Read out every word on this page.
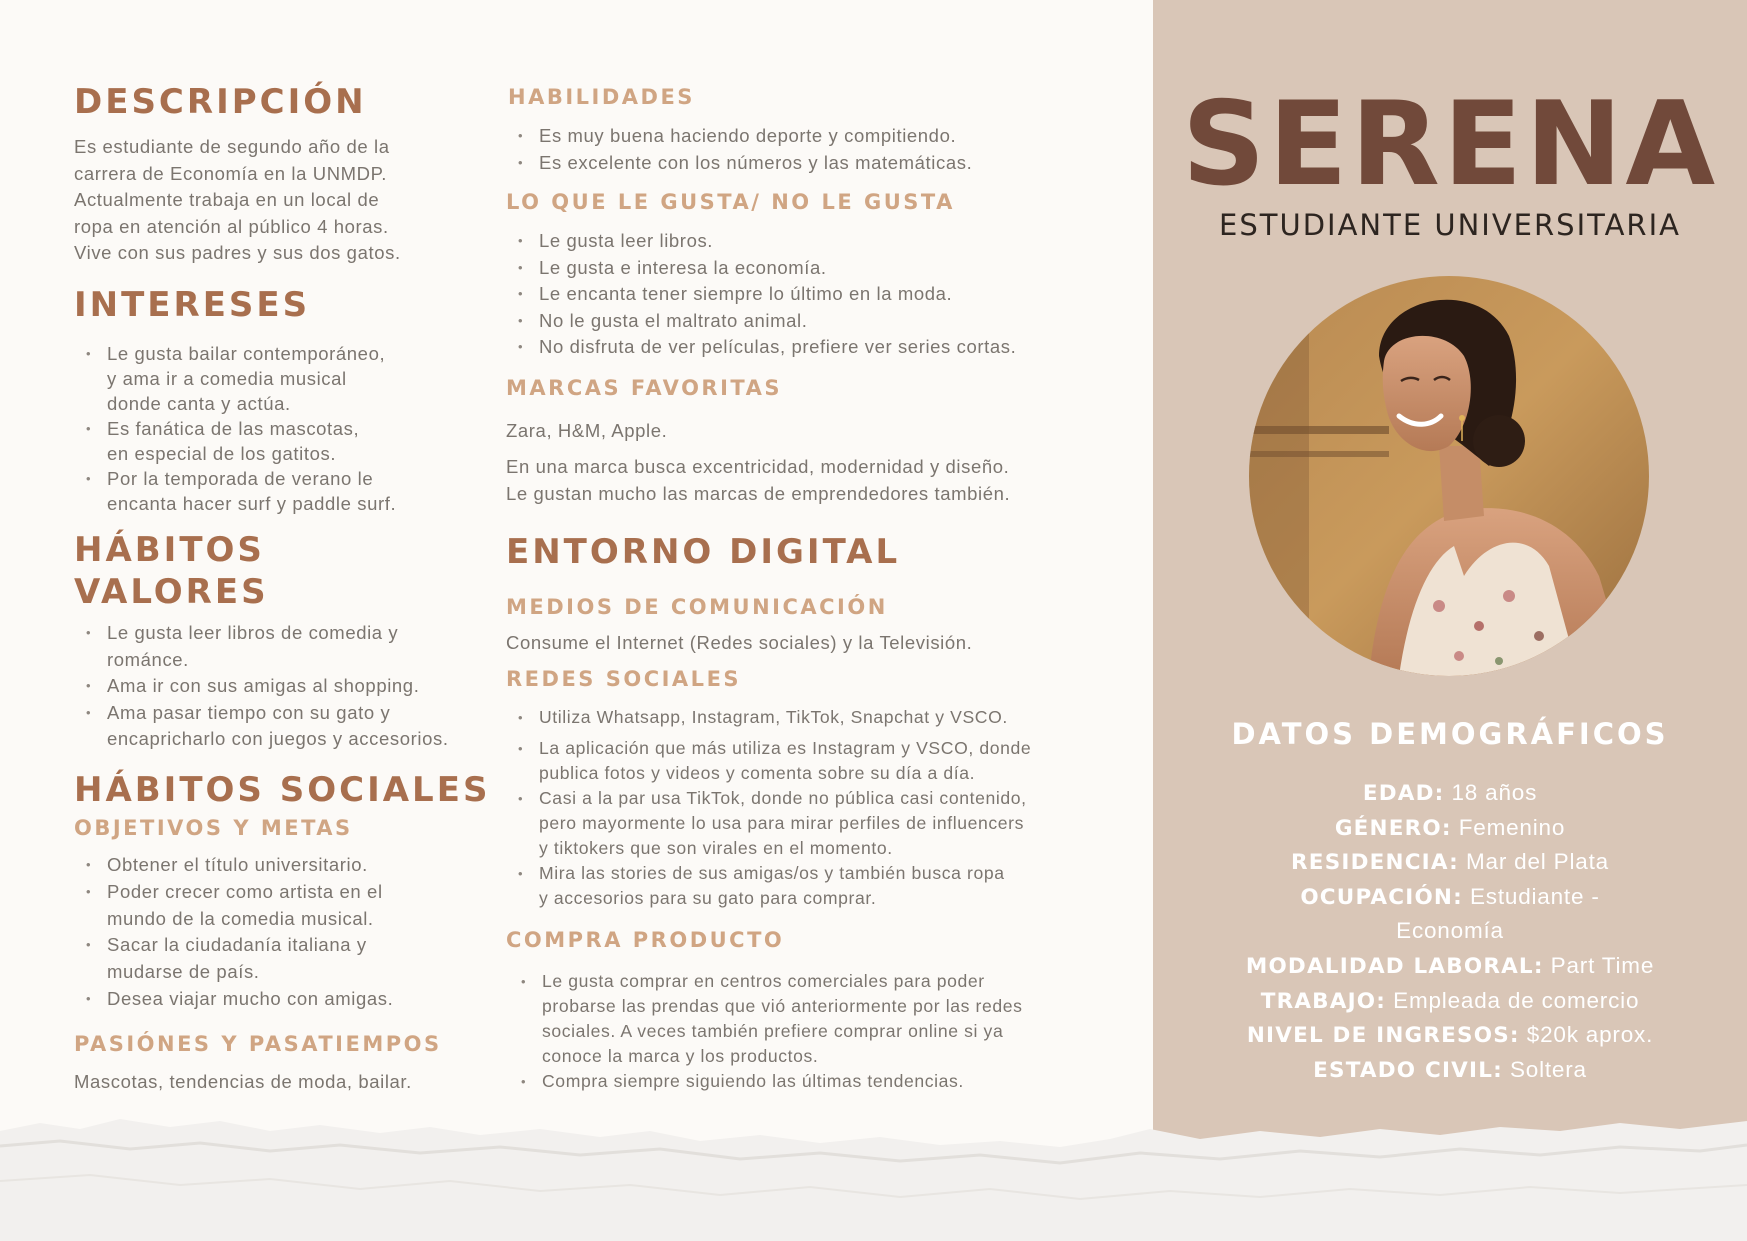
DESCRIPCIÓN
Es estudiante de segundo año de la
carrera de Economía en la UNMDP.
Actualmente trabaja en un local de
ropa en atención al público 4 horas.
Vive con sus padres y sus dos gatos.
INTERESES
• Le gusta bailar contemporáneo,
y ama ir a comedia musical
donde canta y actúa.
• Es fanática de las mascotas,
en especial de los gatitos.
• Por la temporada de verano le
encanta hacer surf y paddle surf.
HÁBITOS
VALORES
• Le gusta leer libros de comedia y
románce.
• Ama ir con sus amigas al shopping.
• Ama pasar tiempo con su gato y
encapricharlo con juegos y accesorios.
HÁBITOS SOCIALES
OBJETIVOS Y METAS
• Obtener el título universitario.
• Poder crecer como artista en el
mundo de la comedia musical.
• Sacar la ciudadanía italiana y
mudarse de país.
• Desea viajar mucho con amigas.
PASIÓNES Y PASATIEMPOS
Mascotas, tendencias de moda, bailar.
HABILIDADES
• Es muy buena haciendo deporte y compitiendo.
• Es excelente con los números y las matemáticas.
LO QUE LE GUSTA/ NO LE GUSTA
• Le gusta leer libros.
• Le gusta e interesa la economía.
• Le encanta tener siempre lo último en la moda.
• No le gusta el maltrato animal.
• No disfruta de ver películas, prefiere ver series cortas.
MARCAS FAVORITAS
Zara, H&M, Apple.
En una marca busca excentricidad, modernidad y diseño.
Le gustan mucho las marcas de emprendedores también.
ENTORNO DIGITAL
MEDIOS DE COMUNICACIÓN
Consume el Internet (Redes sociales) y la Televisión.
REDES SOCIALES
• Utiliza Whatsapp, Instagram, TikTok, Snapchat y VSCO.
• La aplicación que más utiliza es Instagram y VSCO, donde
publica fotos y videos y comenta sobre su día a día.
• Casi a la par usa TikTok, donde no pública casi contenido,
pero mayormente lo usa para mirar perfiles de influencers
y tiktokers que son virales en el momento.
• Mira las stories de sus amigas/os y también busca ropa
y accesorios para su gato para comprar.
COMPRA PRODUCTO
• Le gusta comprar en centros comerciales para poder
probarse las prendas que vió anteriormente por las redes
sociales. A veces también prefiere comprar online si ya
conoce la marca y los productos.
• Compra siempre siguiendo las últimas tendencias.
SERENA
ESTUDIANTE UNIVERSITARIA
DATOS DEMOGRÁFICOS
EDAD: 18 años
GÉNERO: Femenino
RESIDENCIA: Mar del Plata
OCUPACIÓN: Estudiante -
Economía
MODALIDAD LABORAL: Part Time
TRABAJO: Empleada de comercio
NIVEL DE INGRESOS: $20k aprox.
ESTADO CIVIL: Soltera
